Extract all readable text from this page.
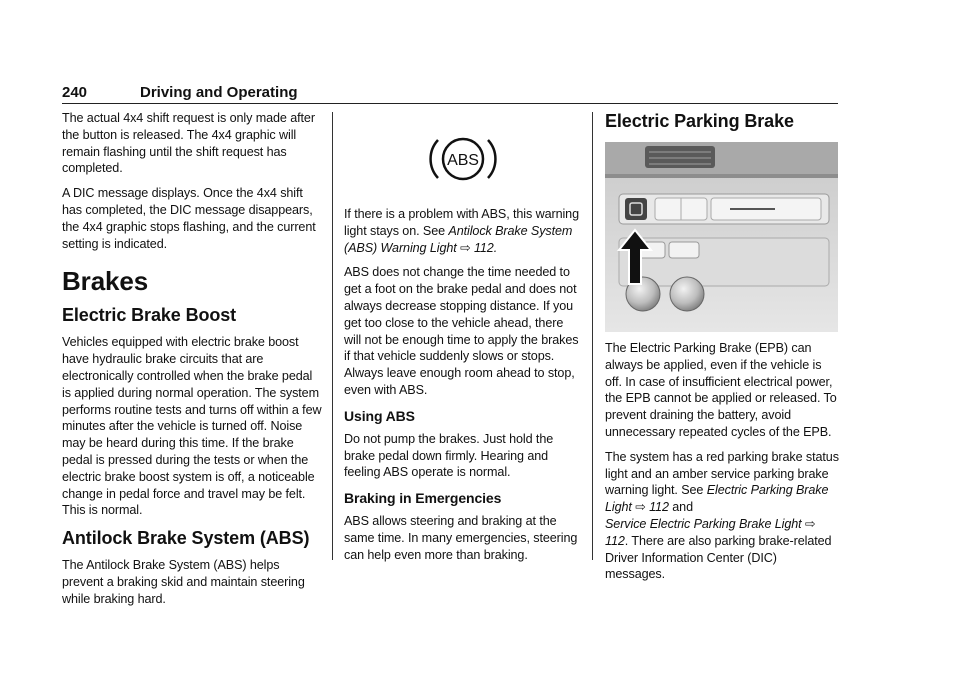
240	Driving and Operating

The actual 4x4 shift request is only made after the button is released. The 4x4 graphic will remain flashing until the shift request has completed.

A DIC message displays. Once the 4x4 shift has completed, the DIC message disappears, the 4x4 graphic stops flashing, and the current setting is indicated.

Brakes
Electric Brake Boost

Vehicles equipped with electric brake boost have hydraulic brake circuits that are electronically controlled when the brake pedal is applied during normal operation. The system performs routine tests and turns off within a few minutes after the vehicle is turned off. Noise may be heard during this time. If the brake pedal is pressed during the tests or when the electric brake boost system is off, a noticeable change in pedal force and travel may be felt. This is normal.

Antilock Brake System (ABS)

The Antilock Brake System (ABS) helps prevent a braking skid and maintain steering while braking hard.

ABS

If there is a problem with ABS, this warning light stays on. See Antilock Brake System (ABS) Warning Light ⇨ 112.

ABS does not change the time needed to get a foot on the brake pedal and does not always decrease stopping distance. If you get too close to the vehicle ahead, there will not be enough time to apply the brakes if that vehicle suddenly slows or stops. Always leave enough room ahead to stop, even with ABS.

Using ABS

Do not pump the brakes. Just hold the brake pedal down firmly. Hearing and feeling ABS operate is normal.

Braking in Emergencies

ABS allows steering and braking at the same time. In many emergencies, steering can help even more than braking.

Electric Parking Brake

The Electric Parking Brake (EPB) can always be applied, even if the vehicle is off. In case of insufficient electrical power, the EPB cannot be applied or released. To prevent draining the battery, avoid unnecessary repeated cycles of the EPB.

The system has a red parking brake status light and an amber service parking brake warning light. See Electric Parking Brake Light ⇨ 112 and
Service Electric Parking Brake Light ⇨ 112. There are also parking brake-related Driver Information Center (DIC) messages.
